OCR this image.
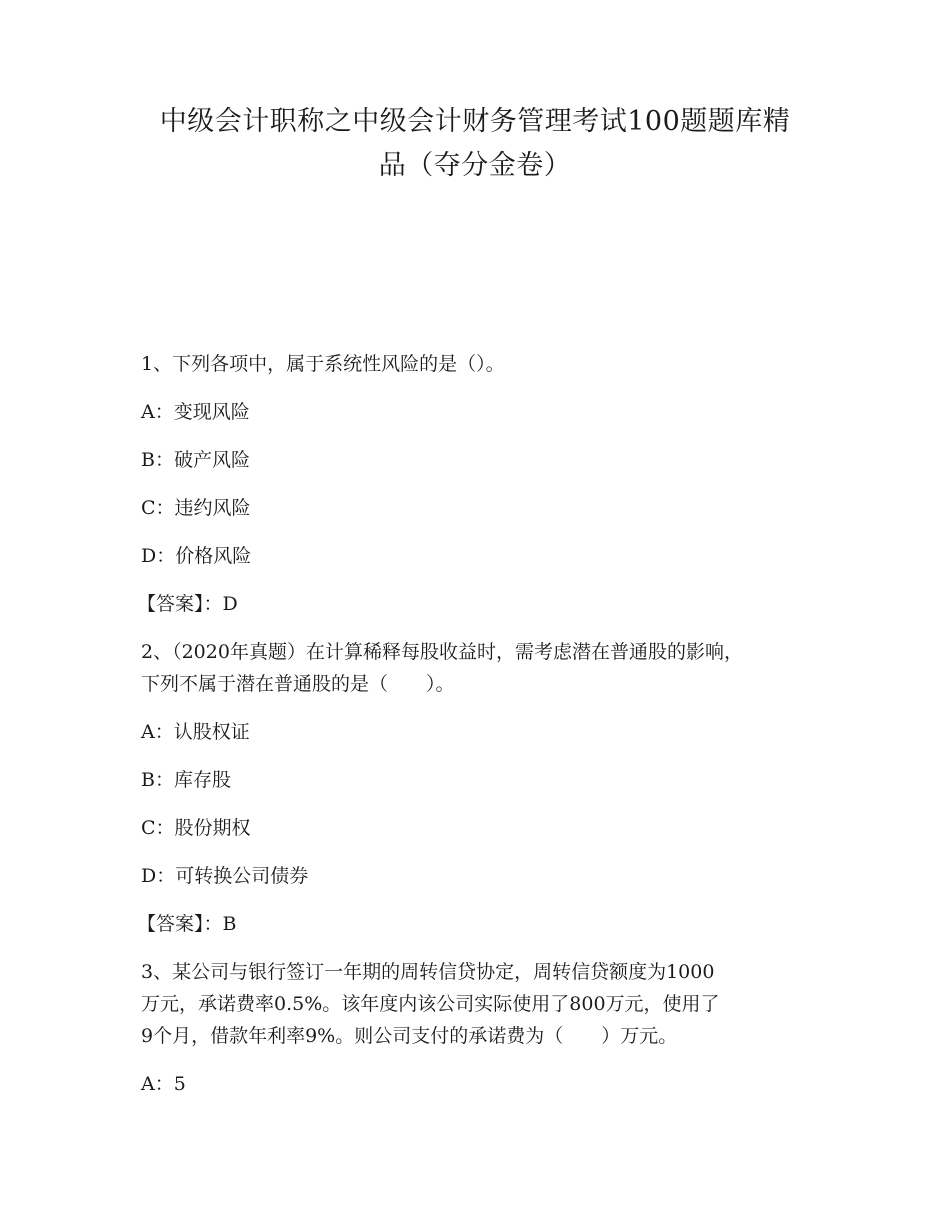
中级会计职称之中级会计财务管理考试100题题库精
品（夺分金卷）

1、下列各项中，属于系统性风险的是（）。

A：变现风险

B：破产风险

C：违约风险

D：价格风险

【答案】：D

2、（2020年真题）在计算稀释每股收益时，需考虑潜在普通股的影响，
下列不属于潜在普通股的是（　　）。

A：认股权证

B：库存股

C：股份期权

D：可转换公司债券

【答案】：B

3、某公司与银行签订一年期的周转信贷协定，周转信贷额度为1000
万元，承诺费率0.5%。该年度内该公司实际使用了800万元，使用了
9个月，借款年利率9%。则公司支付的承诺费为（　　）万元。

A：5
